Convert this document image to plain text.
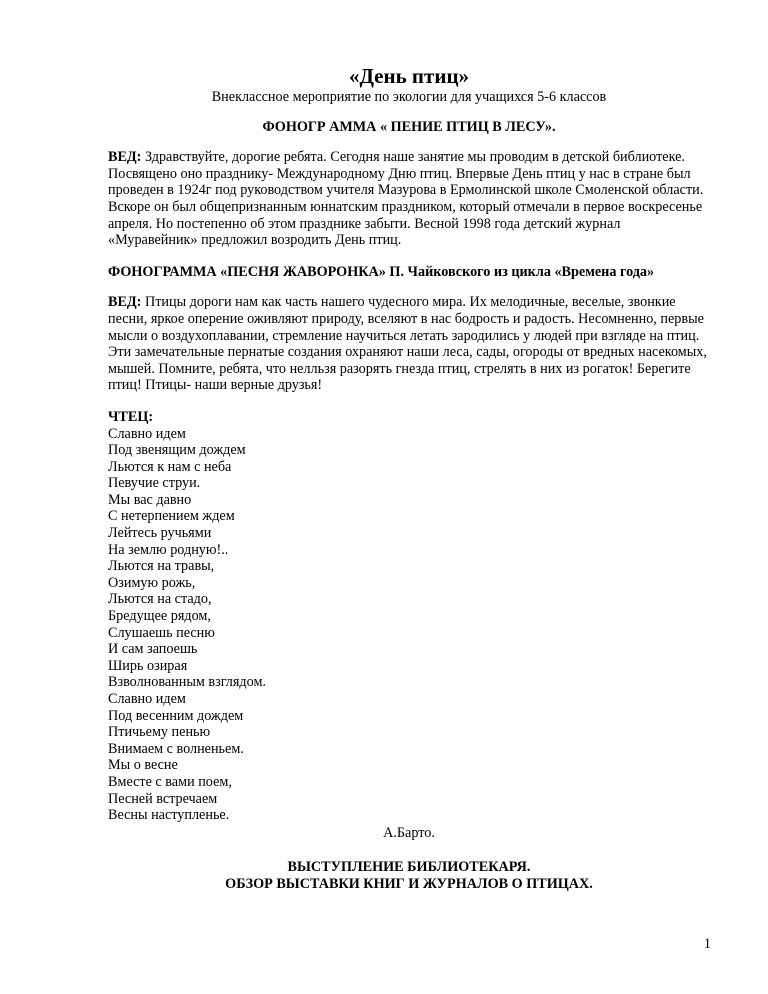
«День птиц»
Внеклассное мероприятие по экологии для учащихся 5-6 классов
ФОНОГР АММА « ПЕНИЕ ПТИЦ В ЛЕСУ».

ВЕД: Здравствуйте, дорогие ребята. Сегодня наше занятие мы проводим в детской библиотеке. Посвящено оно празднику- Международному Дню птиц. Впервые День птиц у нас в стране был проведен в 1924г под руководством учителя Мазурова в Ермолинской школе Смоленской области. Вскоре он был общепризнанным юннатским праздником, который отмечали в первое воскресенье апреля. Но постепенно об этом празднике забыти. Весной 1998 года детский журнал «Муравейник» предложил возродить День птиц.

ФОНОГРАММА «ПЕСНЯ ЖАВОРОНКА» П. Чайковского из цикла «Времена года»

ВЕД: Птицы дороги нам как часть нашего чудесного мира. Их мелодичные, веселые, звонкие песни, яркое оперение оживляют природу, вселяют в нас бодрость и радость. Несомненно, первые мысли о воздухоплавании, стремление научиться летать зародились у людей при взгляде на птиц. Эти замечательные пернатые создания охраняют наши леса, сады, огороды от вредных насекомых, мышей. Помните, ребята, что нелльзя разорять гнезда птиц, стрелять в них из рогаток! Берегите птиц! Птицы- наши верные друзья!

ЧТЕЦ:
Славно идем
Под звенящим дождем
Льются к нам с неба
Певучие струи.
Мы вас давно
С нетерпением ждем
Лейтесь ручьями
На землю родную!..
Льются на травы,
Озимую рожь,
Льются на стадо,
Бредущее рядом,
Слушаешь песню
И сам запоешь
Ширь озирая
Взволнованным взглядом.
Славно идем
Под весенним дождем
Птичьему пенью
Внимаем с волненьем.
Мы о весне
Вместе с вами поем,
Песней встречаем
Весны наступленье.
А.Барто.
ВЫСТУПЛЕНИЕ БИБЛИОТЕКАРЯ.
ОБЗОР ВЫСТАВКИ КНИГ И ЖУРНАЛОВ О ПТИЦАХ.
1
